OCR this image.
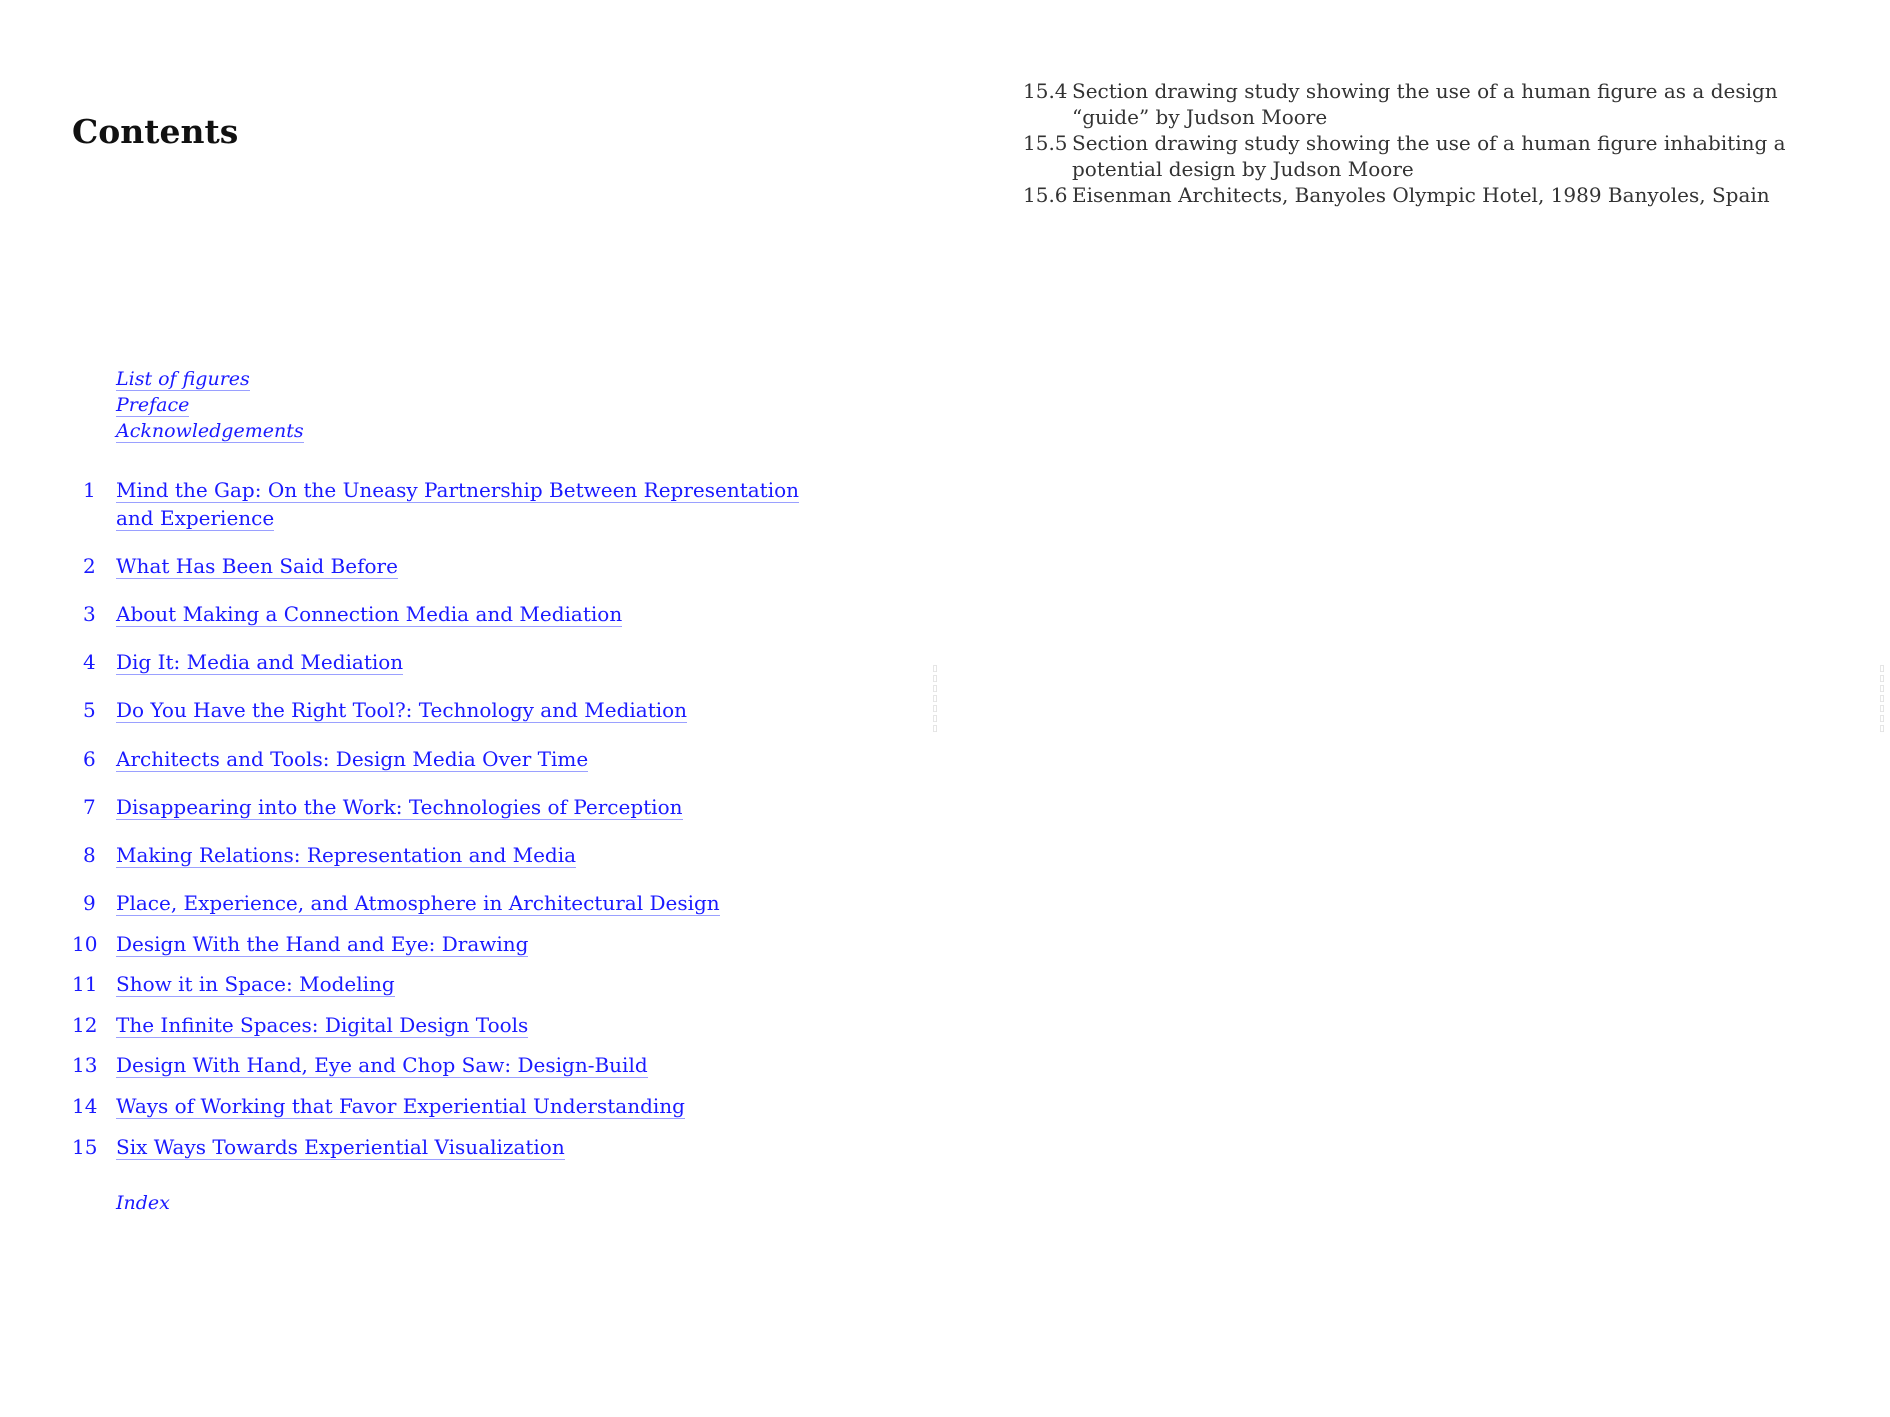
Contents
List of figures
Preface
Acknowledgements
1	Mind the Gap: On the Uneasy Partnership Between Representation and Experience
2	What Has Been Said Before
3	About Making a Connection Media and Mediation
4	Dig It: Media and Mediation
5	Do You Have the Right Tool?: Technology and Mediation
6	Architects and Tools: Design Media Over Time
7	Disappearing into the Work: Technologies of Perception
8	Making Relations: Representation and Media
9	Place, Experience, and Atmosphere in Architectural Design
10 Design With the Hand and Eye: Drawing
11 Show it in Space: Modeling
12 The Infinite Spaces: Digital Design Tools
13 Design With Hand, Eye and Chop Saw: Design-Build
14 Ways of Working that Favor Experiential Understanding
15 Six Ways Towards Experiential Visualization
Index
▯▯▯▯▯▯▯
15.4 Section drawing study showing the use of a human figure as a design “guide” by Judson Moore
15.5 Section drawing study showing the use of a human figure inhabiting a potential design by Judson Moore
15.6 Eisenman Architects, Banyoles Olympic Hotel, 1989 Banyoles, Spain
▯▯▯▯▯▯▯
